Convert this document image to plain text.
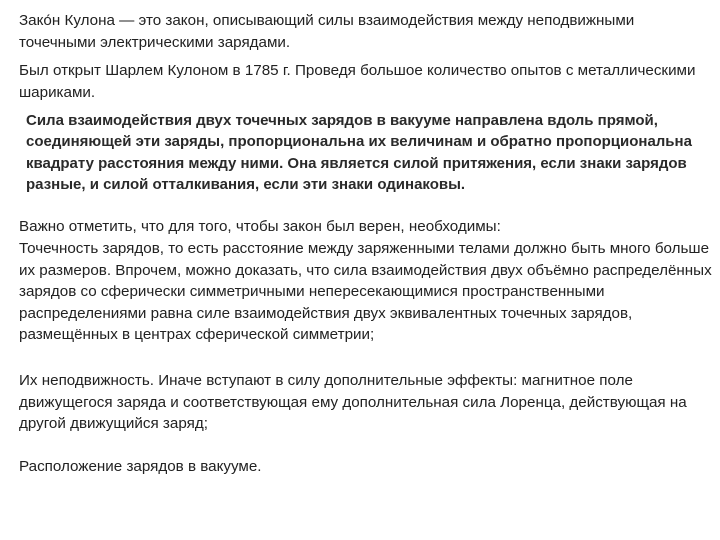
Зако́н Кулона — это закон, описывающий силы взаимодействия между неподвижными точечными электрическими зарядами.

Был открыт Шарлем Кулоном в 1785 г. Проведя большое количество опытов с металлическими шариками.

Сила взаимодействия двух точечных зарядов в вакууме направлена вдоль прямой, соединяющей эти заряды, пропорциональна их величинам и обратно пропорциональна квадрату расстояния между ними. Она является силой притяжения, если знаки зарядов разные, и силой отталкивания, если эти знаки одинаковы.

Важно отметить, что для того, чтобы закон был верен, необходимы:

Точечность зарядов, то есть расстояние между заряженными телами должно быть много больше их размеров. Впрочем, можно доказать, что сила взаимодействия двух объёмно распределённых зарядов со сферически симметричными непересекающимися пространственными распределениями равна силе взаимодействия двух эквивалентных точечных зарядов, размещённых в центрах сферической симметрии;

Их неподвижность. Иначе вступают в силу дополнительные эффекты: магнитное поле движущегося заряда и соответствующая ему дополнительная сила Лоренца, действующая на другой движущийся заряд;

Расположение зарядов в вакууме.
